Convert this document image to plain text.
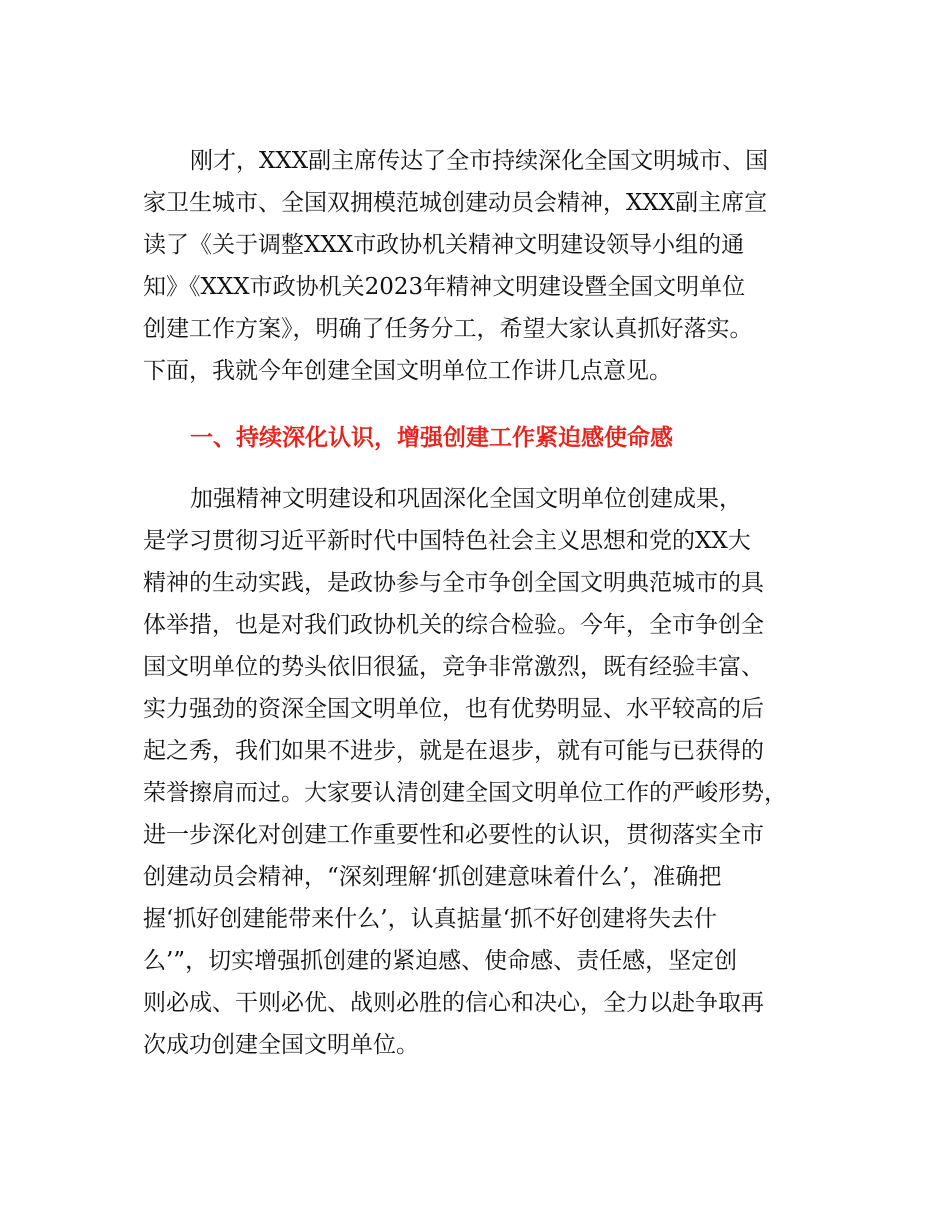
刚才，XXX副主席传达了全市持续深化全国文明城市、国

家卫生城市、全国双拥模范城创建动员会精神，XXX副主席宣

读了《关于调整XXX市政协机关精神文明建设领导小组的通

知》《XXX市政协机关2023年精神文明建设暨全国文明单位

创建工作方案》，明确了任务分工，希望大家认真抓好落实。

下面，我就今年创建全国文明单位工作讲几点意见。

一、持续深化认识，增强创建工作紧迫感使命感

加强精神文明建设和巩固深化全国文明单位创建成果，

是学习贯彻习近平新时代中国特色社会主义思想和党的XX大

精神的生动实践，是政协参与全市争创全国文明典范城市的具

体举措，也是对我们政协机关的综合检验。今年，全市争创全

国文明单位的势头依旧很猛，竞争非常激烈，既有经验丰富、

实力强劲的资深全国文明单位，也有优势明显、水平较高的后

起之秀，我们如果不进步，就是在退步，就有可能与已获得的

荣誉擦肩而过。大家要认清创建全国文明单位工作的严峻形势，

进一步深化对创建工作重要性和必要性的认识，贯彻落实全市

创建动员会精神，“深刻理解‘抓创建意味着什么’，准确把

握‘抓好创建能带来什么’，认真掂量‘抓不好创建将失去什

么’”，切实增强抓创建的紧迫感、使命感、责任感，坚定创

则必成、干则必优、战则必胜的信心和决心，全力以赴争取再

次成功创建全国文明单位。
